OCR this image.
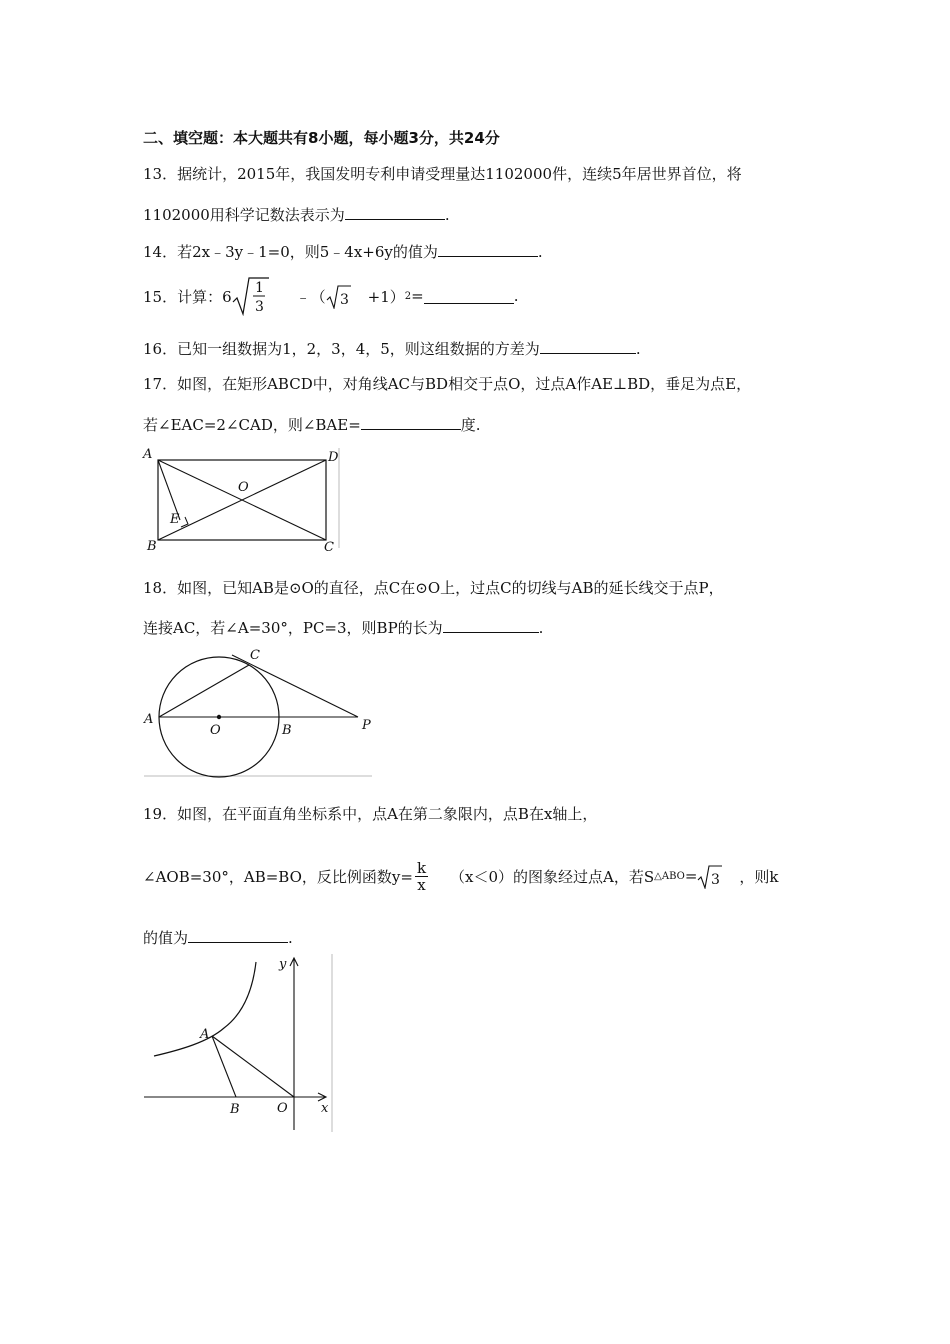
二、填空题：本大题共有8小题，每小题3分，共24分
13．据统计，2015年，我国发明专利申请受理量达1102000件，连续5年居世界首位，将
1102000用科学记数法表示为	.
14．若2x﹣3y﹣1=0，则5﹣4x+6y的值为	.
15．计算：6 1
3
﹣（ 3 +1） 2 =	.
16．已知一组数据为1，2，3，4，5，则这组数据的方差为	.
17．如图，在矩形ABCD中，对角线AC与BD相交于点O，过点A作AE⊥BD，垂足为点E，
若∠EAC=2∠CAD，则∠BAE=	度.
A	D
B	C
O
E
18．如图，已知AB是⊙O的直径，点C在⊙O上，过点C的切线与AB的延长线交于点P，
连接AC，若∠A=30°，PC=3，则BP的长为	.
A
C
O	B	P
19．如图，在平面直角坐标系中，点A在第二象限内，点B在x轴上，
∠AOB=30°，AB=BO，反比例函数$y= \frac{k}{x} (x<0)$的图象经过点A，若S △ABO = 3 ，则k
的值为	.
y
x
A
B	O
